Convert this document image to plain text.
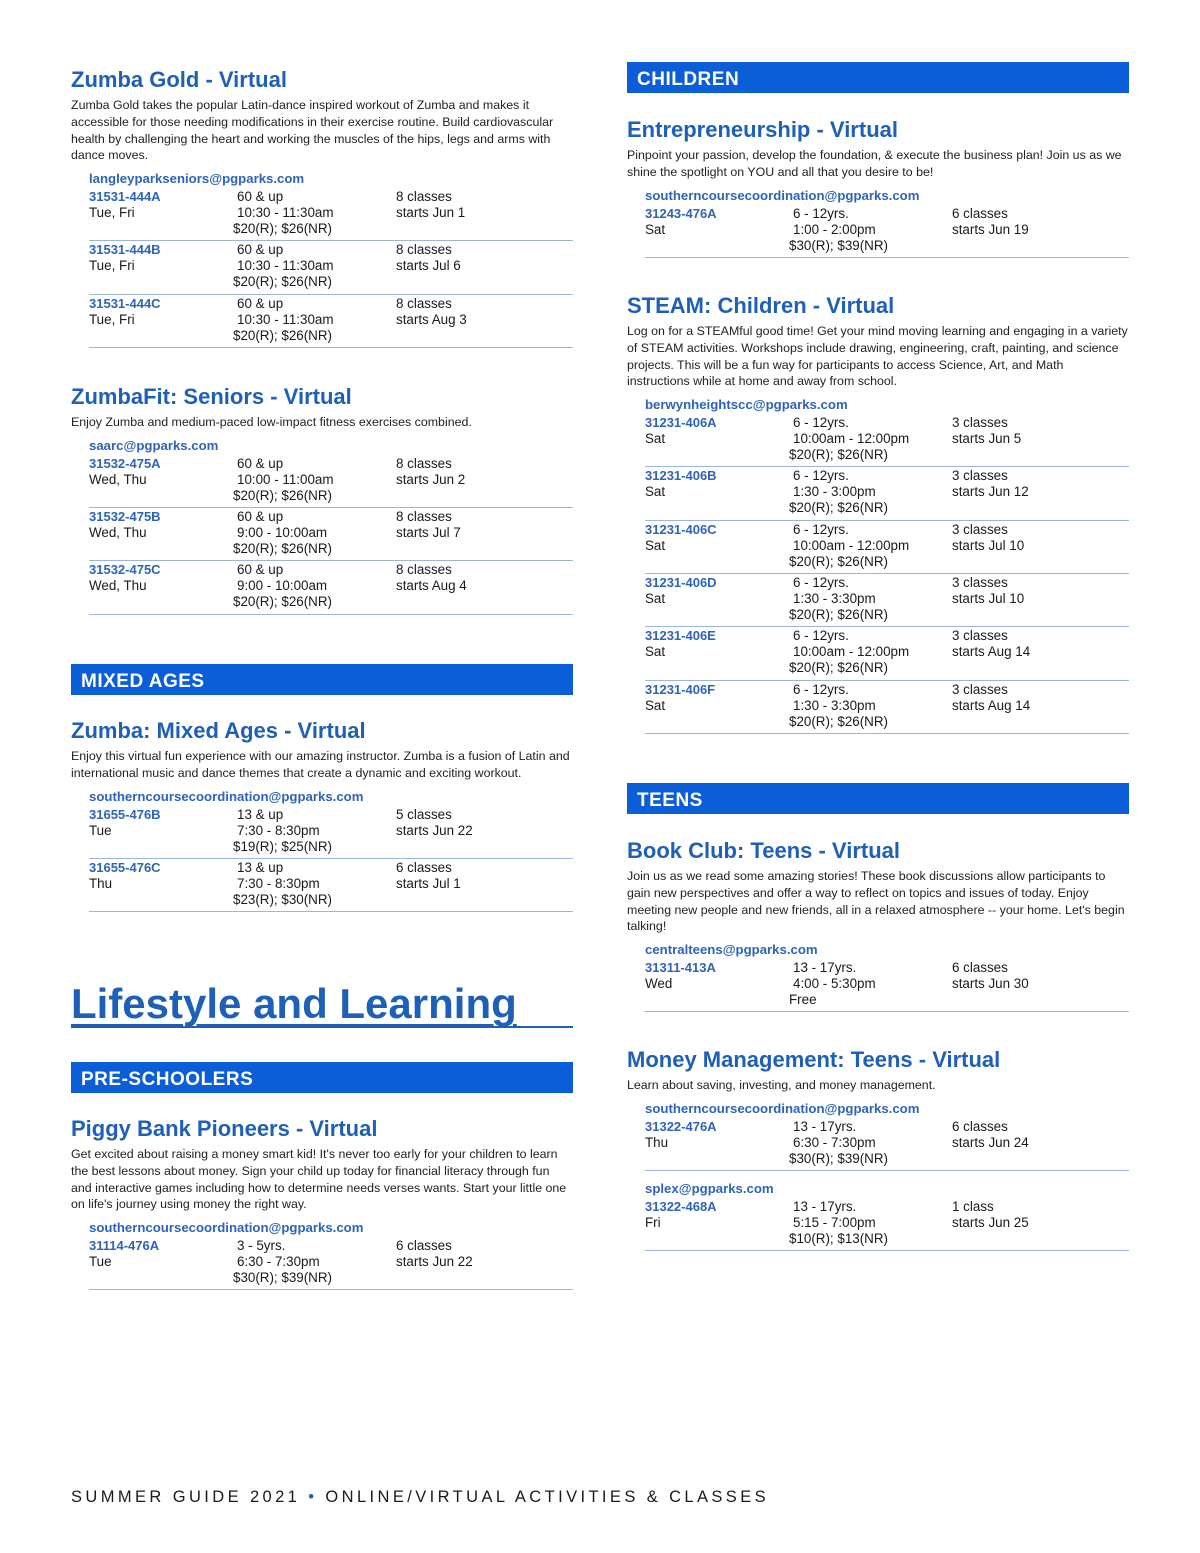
Zumba Gold - Virtual
Zumba Gold takes the popular Latin-dance inspired workout of Zumba and makes it accessible for those needing modifications in their exercise routine. Build cardiovascular health by challenging the heart and working the muscles of the hips, legs and arms with dance moves.
langleyparkseniors@pgparks.com
31531-444A
Tue, Fri
60 & up
10:30 - 11:30am
$20(R); $26(NR)
8 classes
starts Jun 1
31531-444B
Tue, Fri
60 & up
10:30 - 11:30am
$20(R); $26(NR)
8 classes
starts Jul 6
31531-444C
Tue, Fri
60 & up
10:30 - 11:30am
$20(R); $26(NR)
8 classes
starts Aug 3
ZumbaFit: Seniors - Virtual
Enjoy Zumba and medium-paced low-impact fitness exercises combined.
saarc@pgparks.com
31532-475A
Wed, Thu
60 & up
10:00 - 11:00am
$20(R); $26(NR)
8 classes
starts Jun 2
31532-475B
Wed, Thu
60 & up
9:00 - 10:00am
$20(R); $26(NR)
8 classes
starts Jul 7
31532-475C
Wed, Thu
60 & up
9:00 - 10:00am
$20(R); $26(NR)
8 classes
starts Aug 4
MIXED AGES
Zumba: Mixed Ages - Virtual
Enjoy this virtual fun experience with our amazing instructor. Zumba is a fusion of Latin and international music and dance themes that create a dynamic and exciting workout.
southerncoursecoordination@pgparks.com
31655-476B
Tue
13 & up
7:30 - 8:30pm
$19(R); $25(NR)
5 classes
starts Jun 22
31655-476C
Thu
13 & up
7:30 - 8:30pm
$23(R); $30(NR)
6 classes
starts Jul 1
Lifestyle and Learning
PRE-SCHOOLERS
Piggy Bank Pioneers - Virtual
Get excited about raising a money smart kid! It's never too early for your children to learn the best lessons about money. Sign your child up today for financial literacy through fun and interactive games including how to determine needs verses wants. Start your little one on life's journey using money the right way.
southerncoursecoordination@pgparks.com
31114-476A
Tue
3 - 5yrs.
6:30 - 7:30pm
$30(R); $39(NR)
6 classes
starts Jun 22
CHILDREN
Entrepreneurship - Virtual
Pinpoint your passion, develop the foundation, & execute the business plan! Join us as we shine the spotlight on YOU and all that you desire to be!
southerncoursecoordination@pgparks.com
31243-476A
Sat
6 - 12yrs.
1:00 - 2:00pm
$30(R); $39(NR)
6 classes
starts Jun 19
STEAM: Children - Virtual
Log on for a STEAMful good time! Get your mind moving learning and engaging in a variety of STEAM activities. Workshops include drawing, engineering, craft, painting, and science projects. This will be a fun way for participants to access Science, Art, and Math instructions while at home and away from school.
berwynheightscc@pgparks.com
31231-406A
Sat
6 - 12yrs.
10:00am - 12:00pm
$20(R); $26(NR)
3 classes
starts Jun 5
31231-406B
Sat
6 - 12yrs.
1:30 - 3:00pm
$20(R); $26(NR)
3 classes
starts Jun 12
31231-406C
Sat
6 - 12yrs.
10:00am - 12:00pm
$20(R); $26(NR)
3 classes
starts Jul 10
31231-406D
Sat
6 - 12yrs.
1:30 - 3:30pm
$20(R); $26(NR)
3 classes
starts Jul 10
31231-406E
Sat
6 - 12yrs.
10:00am - 12:00pm
$20(R); $26(NR)
3 classes
starts Aug 14
31231-406F
Sat
6 - 12yrs.
1:30 - 3:30pm
$20(R); $26(NR)
3 classes
starts Aug 14
TEENS
Book Club: Teens - Virtual
Join us as we read some amazing stories! These book discussions allow participants to gain new perspectives and offer a way to reflect on topics and issues of today. Enjoy meeting new people and new friends, all in a relaxed atmosphere -- your home. Let's begin talking!
centralteens@pgparks.com
31311-413A
Wed
13 - 17yrs.
4:00 - 5:30pm
Free
6 classes
starts Jun 30
Money Management: Teens - Virtual
Learn about saving, investing, and money management.
southerncoursecoordination@pgparks.com
31322-476A
Thu
13 - 17yrs.
6:30 - 7:30pm
$30(R); $39(NR)
6 classes
starts Jun 24
splex@pgparks.com
31322-468A
Fri
13 - 17yrs.
5:15 - 7:00pm
$10(R); $13(NR)
1 class
starts Jun 25
SUMMER GUIDE 2021 • ONLINE/VIRTUAL ACTIVITIES & CLASSES
